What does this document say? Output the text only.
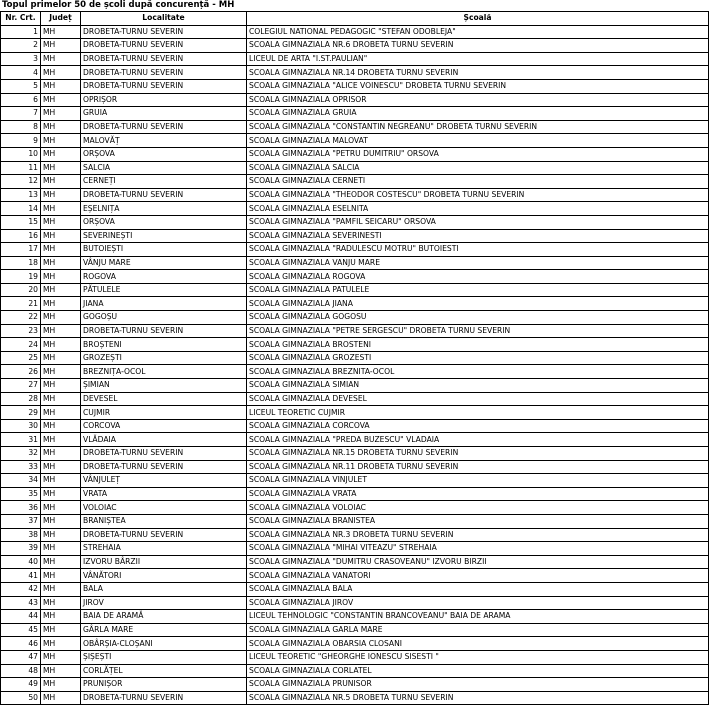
Topul primelor 50 de școli după concurență - MH
Nr. Crt.	Județ	Localitate	Școală
1	MH	DROBETA-TURNU SEVERIN	COLEGIUL NATIONAL PEDAGOGIC "STEFAN ODOBLEJA"
2	MH	DROBETA-TURNU SEVERIN	SCOALA GIMNAZIALA NR.6 DROBETA TURNU SEVERIN
3	MH	DROBETA-TURNU SEVERIN	LICEUL DE ARTA "I.ST.PAULIAN"
4	MH	DROBETA-TURNU SEVERIN	SCOALA GIMNAZIALA NR.14 DROBETA TURNU SEVERIN
5	MH	DROBETA-TURNU SEVERIN	SCOALA GIMNAZIALA "ALICE VOINESCU" DROBETA TURNU SEVERIN
6	MH	OPRIȘOR	SCOALA GIMNAZIALA OPRISOR
7	MH	GRUIA	SCOALA GIMNAZIALA GRUIA
8	MH	DROBETA-TURNU SEVERIN	SCOALA GIMNAZIALA "CONSTANTIN NEGREANU" DROBETA TURNU SEVERIN
9	MH	MALOVĂȚ	SCOALA GIMNAZIALA MALOVAT
10	MH	ORȘOVA	SCOALA GIMNAZIALA "PETRU DUMITRIU" ORSOVA
11	MH	SALCIA	SCOALA GIMNAZIALA SALCIA
12	MH	CERNEȚI	SCOALA GIMNAZIALA CERNETI
13	MH	DROBETA-TURNU SEVERIN	SCOALA GIMNAZIALA "THEODOR COSTESCU" DROBETA TURNU SEVERIN
14	MH	EȘELNIȚA	SCOALA GIMNAZIALA ESELNITA
15	MH	ORȘOVA	SCOALA GIMNAZIALA "PAMFIL SEICARU" ORSOVA
16	MH	SEVERINEȘTI	SCOALA GIMNAZIALA SEVERINESTI
17	MH	BUTOIEȘTI	SCOALA GIMNAZIALA "RADULESCU MOTRU" BUTOIESTI
18	MH	VÂNJU MARE	SCOALA GIMNAZIALA VANJU MARE
19	MH	ROGOVA	SCOALA GIMNAZIALA ROGOVA
20	MH	PĂTULELE	SCOALA GIMNAZIALA PATULELE
21	MH	JIANA	SCOALA GIMNAZIALA JIANA
22	MH	GOGOȘU	SCOALA GIMNAZIALA GOGOSU
23	MH	DROBETA-TURNU SEVERIN	SCOALA GIMNAZIALA "PETRE SERGESCU" DROBETA TURNU SEVERIN
24	MH	BROȘTENI	SCOALA GIMNAZIALA BROSTENI
25	MH	GROZEȘTI	SCOALA GIMNAZIALA GROZESTI
26	MH	BREZNIȚA-OCOL	SCOALA GIMNAZIALA BREZNITA-OCOL
27	MH	ȘIMIAN	SCOALA GIMNAZIALA SIMIAN
28	MH	DEVESEL	SCOALA GIMNAZIALA DEVESEL
29	MH	CUJMIR	LICEUL TEORETIC CUJMIR
30	MH	CORCOVA	SCOALA GIMNAZIALA CORCOVA
31	MH	VLĂDAIA	SCOALA GIMNAZIALA "PREDA BUZESCU" VLADAIA
32	MH	DROBETA-TURNU SEVERIN	SCOALA GIMNAZIALA NR.15 DROBETA TURNU SEVERIN
33	MH	DROBETA-TURNU SEVERIN	SCOALA GIMNAZIALA NR.11 DROBETA TURNU SEVERIN
34	MH	VÂNJULEȚ	SCOALA GIMNAZIALA VINJULET
35	MH	VRATA	SCOALA GIMNAZIALA VRATA
36	MH	VOLOIAC	SCOALA GIMNAZIALA VOLOIAC
37	MH	BRANIȘTEA	SCOALA GIMNAZIALA BRANISTEA
38	MH	DROBETA-TURNU SEVERIN	SCOALA GIMNAZIALA NR.3 DROBETA TURNU SEVERIN
39	MH	STREHAIA	SCOALA GIMNAZIALA "MIHAI VITEAZU" STREHAIA
40	MH	IZVORU BÂRZII	SCOALA GIMNAZIALA "DUMITRU CRASOVEANU" IZVORU BIRZII
41	MH	VÂNĂTORI	SCOALA GIMNAZIALA VANATORI
42	MH	BALA	SCOALA GIMNAZIALA BALA
43	MH	JIROV	SCOALA GIMNAZIALA JIROV
44	MH	BAIA DE ARAMĂ	LICEUL TEHNOLOGIC "CONSTANTIN BRANCOVEANU" BAIA DE ARAMA
45	MH	GÂRLA MARE	SCOALA GIMNAZIALA GARLA MARE
46	MH	OBÂRȘIA-CLOȘANI	SCOALA GIMNAZIALA OBARSIA CLOSANI
47	MH	ȘIȘEȘTI	LICEUL TEORETIC "GHEORGHE IONESCU SISESTI "
48	MH	CORLĂȚEL	SCOALA GIMNAZIALA CORLATEL
49	MH	PRUNIȘOR	SCOALA GIMNAZIALA PRUNISOR
50	MH	DROBETA-TURNU SEVERIN	SCOALA GIMNAZIALA NR.5 DROBETA TURNU SEVERIN
